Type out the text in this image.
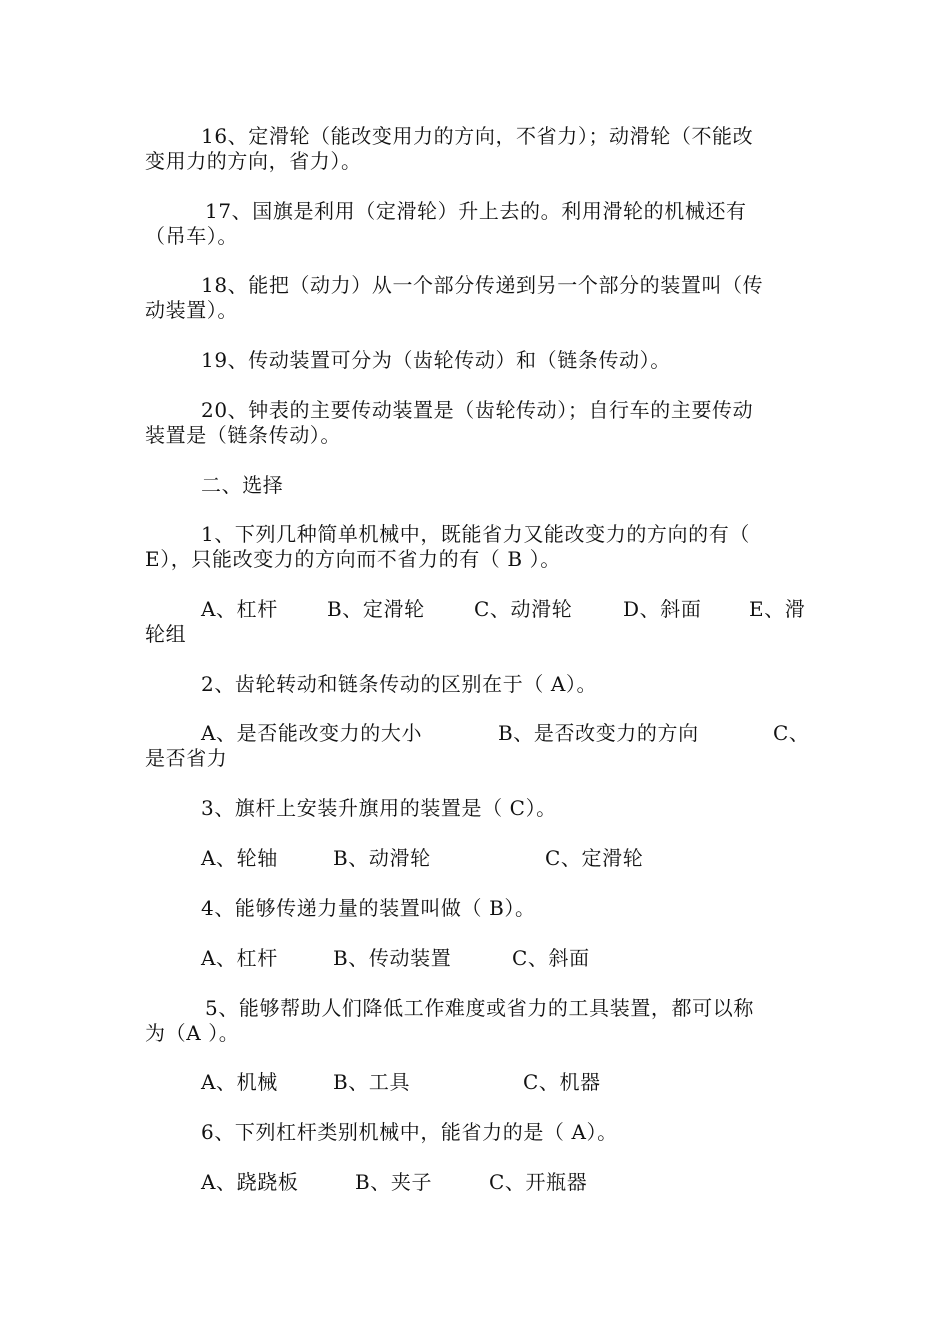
16、定滑轮（能改变用力的方向，不省力）；动滑轮（不能改
变用力的方向，省力）。
17、国旗是利用（定滑轮）升上去的。利用滑轮的机械还有
（吊车）。
18、能把（动力）从一个部分传递到另一个部分的装置叫（传
动装置）。
19、传动装置可分为（齿轮传动）和（链条传动）。
20、钟表的主要传动装置是（齿轮传动）；自行车的主要传动
装置是（链条传动）。
二、选择
1、下列几种简单机械中，既能省力又能改变力的方向的有（
E），只能改变力的方向而不省力的有（ B ）。
A、杠杆 B、定滑轮 C、动滑轮	D、斜面 E、滑
轮组
2、齿轮转动和链条传动的区别在于（ A）。
A、是否能改变力的大小	B、是否改变力的方向	C、
是否省力
3、旗杆上安装升旗用的装置是（ C）。
A、轮轴	B、动滑轮	C、定滑轮
4、能够传递力量的装置叫做（ B）。
A、杠杆	B、传动装置	C、斜面
5、能够帮助人们降低工作难度或省力的工具装置，都可以称
为（A ）。
A、机械	B、工具	C、机器
6、下列杠杆类别机械中，能省力的是（ A）。
A、跷跷板	B、夹子	C、开瓶器
